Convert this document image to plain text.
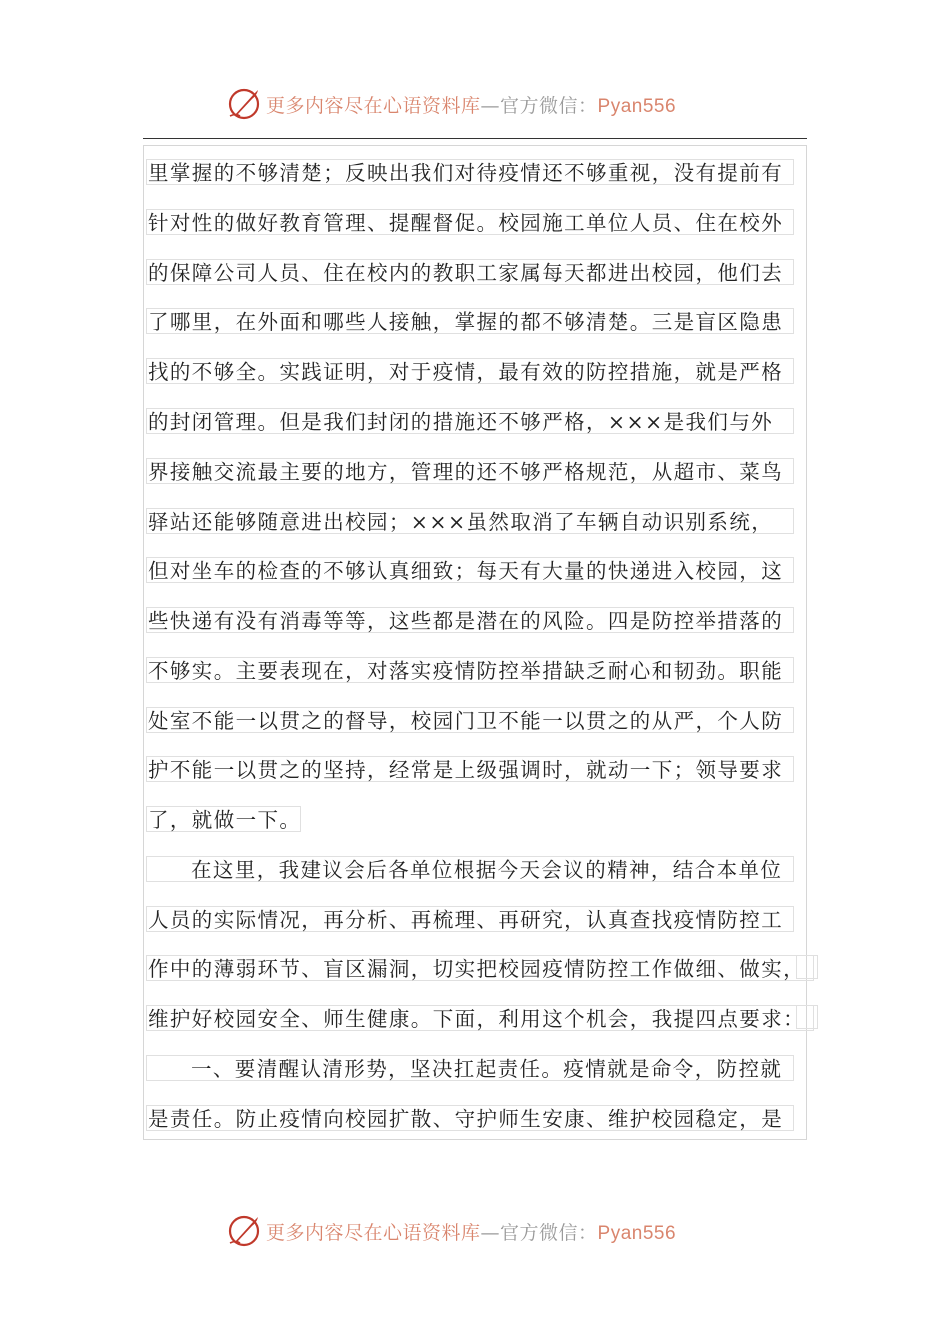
更多内容尽在心语资料库—官方微信：Pyan556
里掌握的不够清楚；反映出我们对待疫情还不够重视，没有提前有
针对性的做好教育管理、提醒督促。校园施工单位人员、住在校外
的保障公司人员、住在校内的教职工家属每天都进出校园，他们去
了哪里，在外面和哪些人接触，掌握的都不够清楚。三是盲区隐患
找的不够全。实践证明，对于疫情，最有效的防控措施，就是严格
的封闭管理。但是我们封闭的措施还不够严格，×××是我们与外
界接触交流最主要的地方，管理的还不够严格规范，从超市、菜鸟
驿站还能够随意进出校园；×××虽然取消了车辆自动识别系统，
但对坐车的检查的不够认真细致；每天有大量的快递进入校园，这
些快递有没有消毒等等，这些都是潜在的风险。四是防控举措落的
不够实。主要表现在，对落实疫情防控举措缺乏耐心和韧劲。职能
处室不能一以贯之的督导，校园门卫不能一以贯之的从严，个人防
护不能一以贯之的坚持，经常是上级强调时，就动一下；领导要求
了，就做一下。
在这里，我建议会后各单位根据今天会议的精神，结合本单位
人员的实际情况，再分析、再梳理、再研究，认真查找疫情防控工
作中的薄弱环节、盲区漏洞，切实把校园疫情防控工作做细、做实，
维护好校园安全、师生健康。下面，利用这个机会，我提四点要求：
一、要清醒认清形势，坚决扛起责任。疫情就是命令，防控就
是责任。防止疫情向校园扩散、守护师生安康、维护校园稳定，是
更多内容尽在心语资料库—官方微信：Pyan556
